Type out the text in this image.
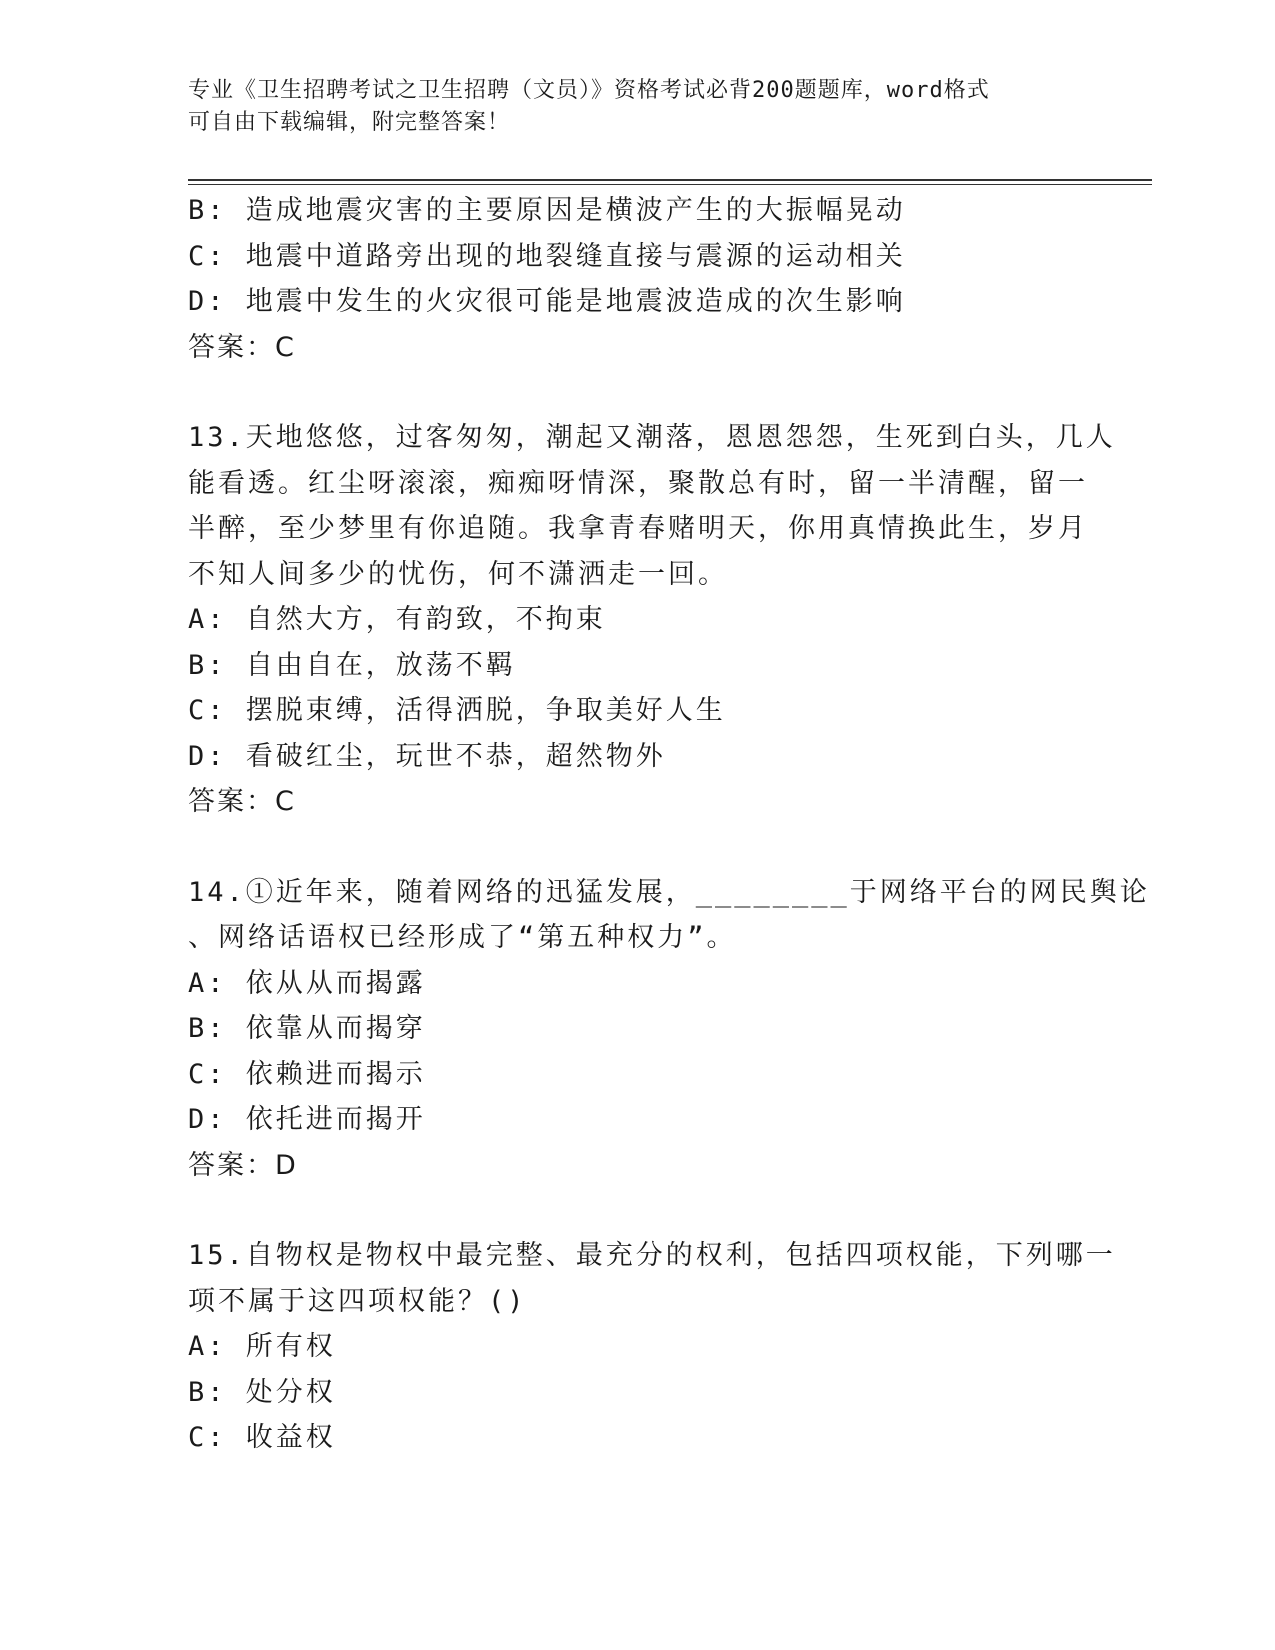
专业《卫生招聘考试之卫生招聘（文员）》资格考试必背200题题库，word格式
可自由下载编辑，附完整答案！
B: 造成地震灾害的主要原因是横波产生的大振幅晃动
C: 地震中道路旁出现的地裂缝直接与震源的运动相关
D: 地震中发生的火灾很可能是地震波造成的次生影响
答案：C
13.天地悠悠，过客匆匆，潮起又潮落，恩恩怨怨，生死到白头，几人
能看透。红尘呀滚滚，痴痴呀情深，聚散总有时，留一半清醒，留一
半醉，至少梦里有你追随。我拿青春赌明天，你用真情换此生，岁月
不知人间多少的忧伤，何不潇洒走一回。
A: 自然大方，有韵致，不拘束
B: 自由自在，放荡不羁
C: 摆脱束缚，活得洒脱，争取美好人生
D: 看破红尘，玩世不恭，超然物外
答案：C
14.①近年来，随着网络的迅猛发展，________于网络平台的网民舆论
、网络话语权已经形成了“第五种权力”。
A: 依从从而揭露
B: 依靠从而揭穿
C: 依赖进而揭示
D: 依托进而揭开
答案：D
15.自物权是物权中最完整、最充分的权利，包括四项权能，下列哪一
项不属于这四项权能？()
A: 所有权
B: 处分权
C: 收益权
